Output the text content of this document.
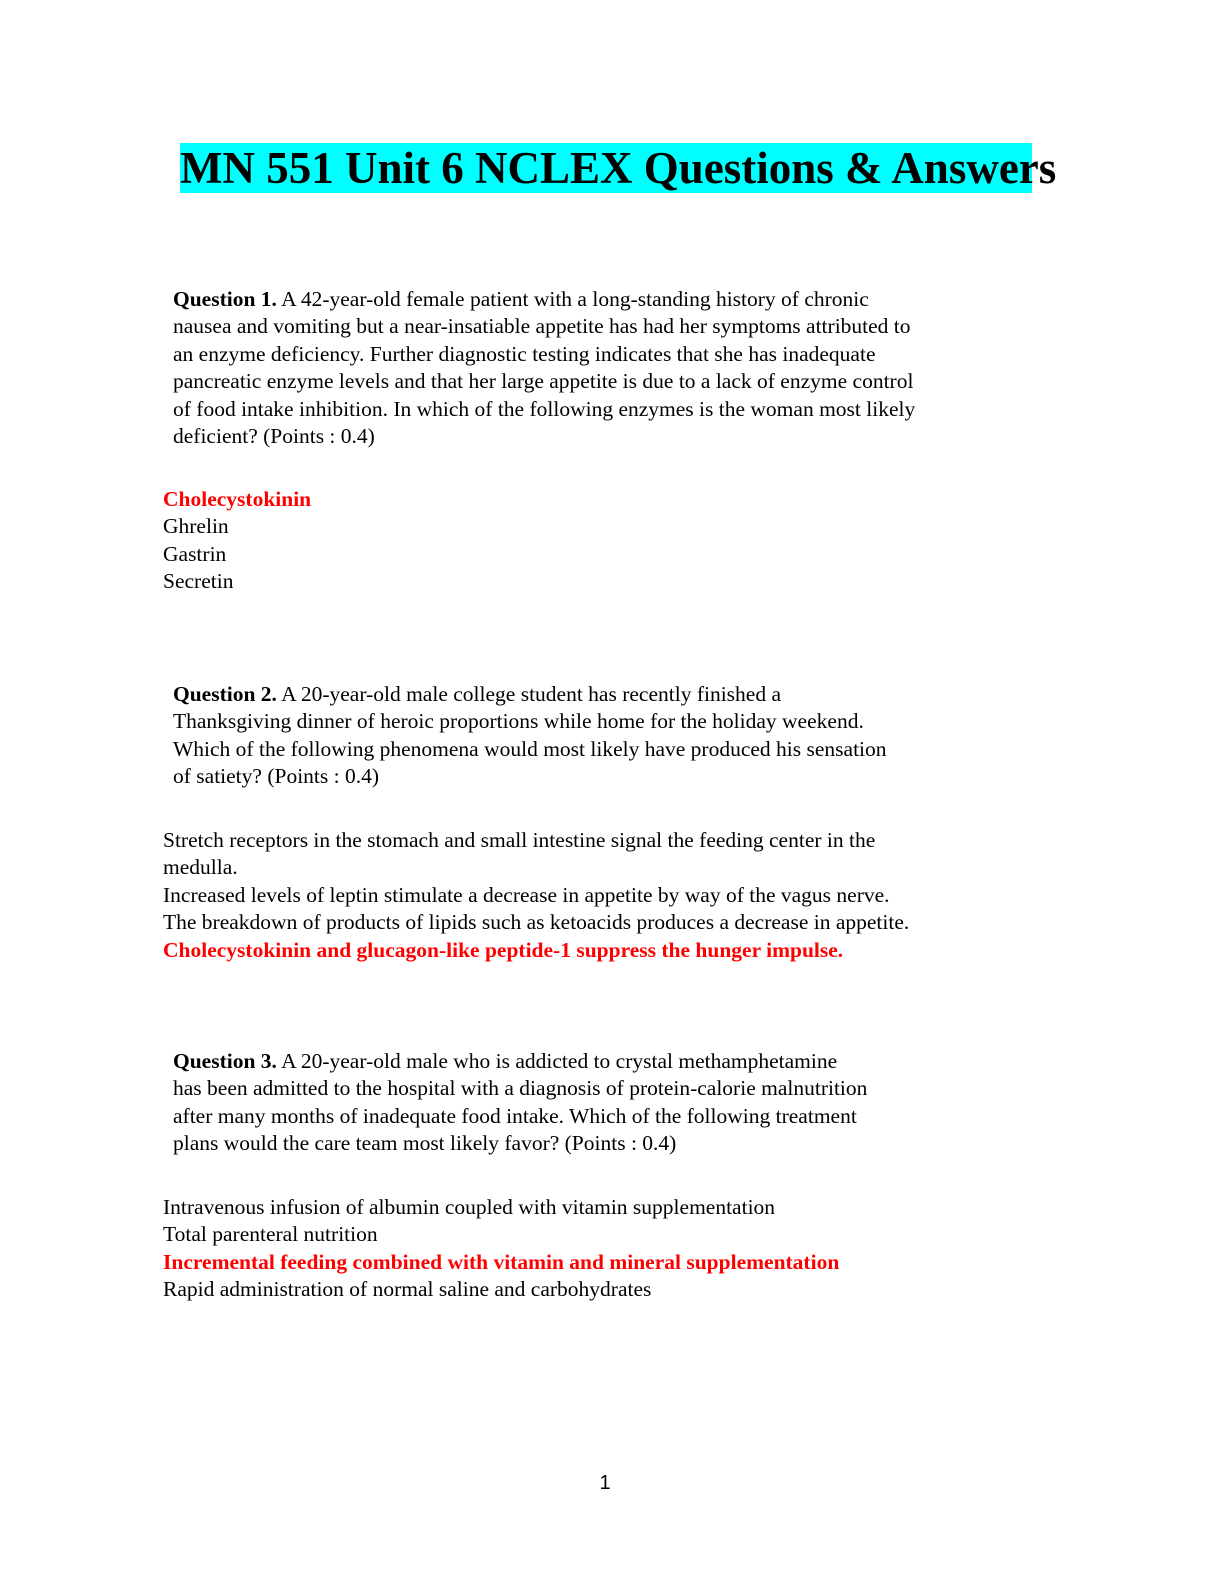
MN 551 Unit 6 NCLEX Questions & Answers
Question 1. A 42-year-old female patient with a long-standing history of chronic
nausea and vomiting but a near-insatiable appetite has had her symptoms attributed to
an enzyme deficiency. Further diagnostic testing indicates that she has inadequate
pancreatic enzyme levels and that her large appetite is due to a lack of enzyme control
of food intake inhibition. In which of the following enzymes is the woman most likely
deficient? (Points : 0.4)
Cholecystokinin
Ghrelin
Gastrin
Secretin
Question 2. A 20-year-old male college student has recently finished a
Thanksgiving dinner of heroic proportions while home for the holiday weekend.
Which of the following phenomena would most likely have produced his sensation
of satiety? (Points : 0.4)
Stretch receptors in the stomach and small intestine signal the feeding center in the
medulla.
Increased levels of leptin stimulate a decrease in appetite by way of the vagus nerve.
The breakdown of products of lipids such as ketoacids produces a decrease in appetite.
Cholecystokinin and glucagon-like peptide-1 suppress the hunger impulse.
Question 3. A 20-year-old male who is addicted to crystal methamphetamine
has been admitted to the hospital with a diagnosis of protein-calorie malnutrition
after many months of inadequate food intake. Which of the following treatment
plans would the care team most likely favor? (Points : 0.4)
Intravenous infusion of albumin coupled with vitamin supplementation
Total parenteral nutrition
Incremental feeding combined with vitamin and mineral supplementation
Rapid administration of normal saline and carbohydrates
1
